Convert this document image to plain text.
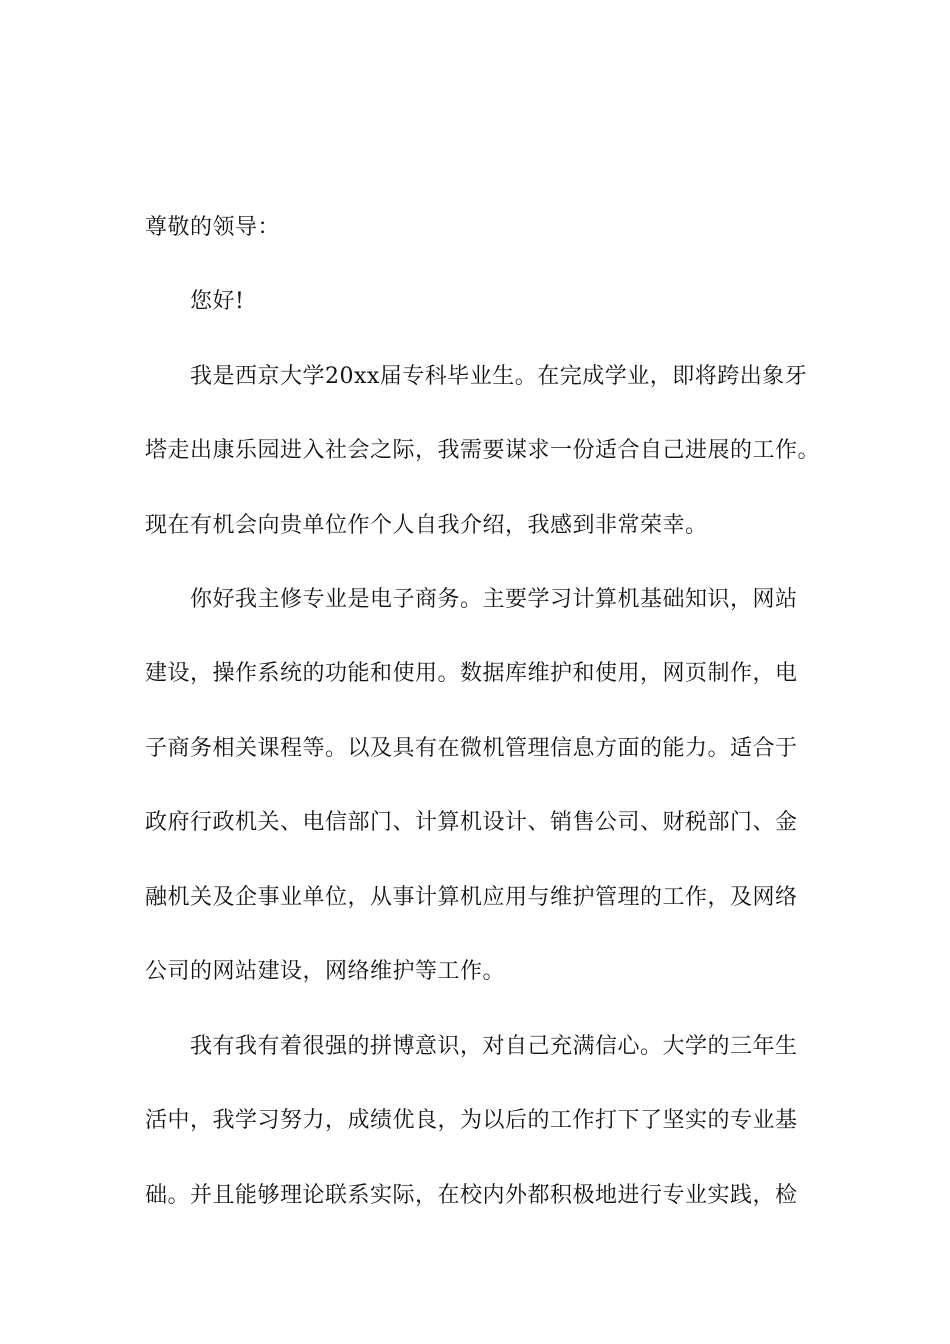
尊敬的领导：
您好!
我是西京大学20xx届专科毕业生。在完成学业，即将跨出象牙
塔走出康乐园进入社会之际，我需要谋求一份适合自己进展的工作。
现在有机会向贵单位作个人自我介绍，我感到非常荣幸。
你好我主修专业是电子商务。主要学习计算机基础知识，网站
建设，操作系统的功能和使用。数据库维护和使用，网页制作，电
子商务相关课程等。以及具有在微机管理信息方面的能力。适合于
政府行政机关、电信部门、计算机设计、销售公司、财税部门、金
融机关及企事业单位，从事计算机应用与维护管理的工作，及网络
公司的网站建设，网络维护等工作。
我有我有着很强的拼博意识，对自己充满信心。大学的三年生
活中，我学习努力，成绩优良，为以后的工作打下了坚实的专业基
础。并且能够理论联系实际，在校内外都积极地进行专业实践，检
